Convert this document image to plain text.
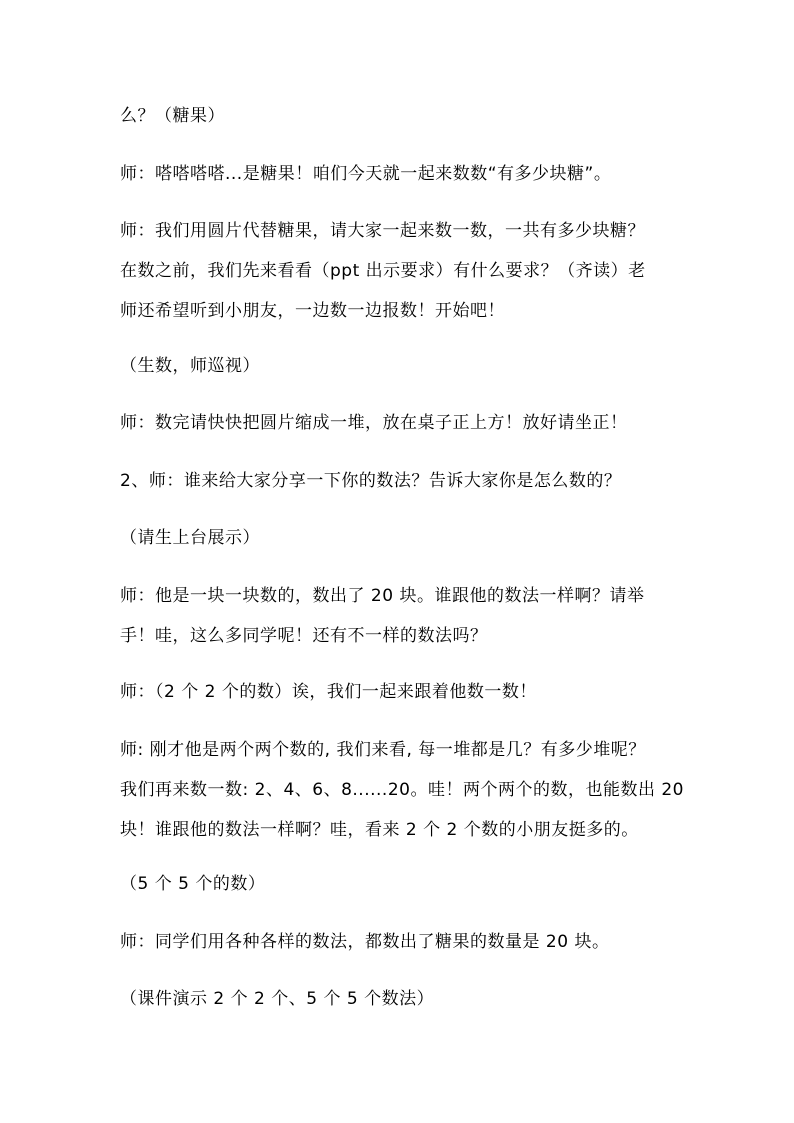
么？（糖果）
师：嗒嗒嗒嗒...是糖果！咱们今天就一起来数数“有多少块糖”。
师：我们用圆片代替糖果，请大家一起来数一数，一共有多少块糖？
在数之前，我们先来看看（ppt 出示要求）有什么要求？（齐读）老
师还希望听到小朋友，一边数一边报数！开始吧！
（生数，师巡视）
师：数完请快快把圆片缩成一堆，放在桌子正上方！放好请坐正！
2、师：谁来给大家分享一下你的数法？告诉大家你是怎么数的？
（请生上台展示）
师：他是一块一块数的，数出了 20 块。谁跟他的数法一样啊？请举
手！哇，这么多同学呢！还有不一样的数法吗？
师：（2 个 2 个的数）诶，我们一起来跟着他数一数！
师: 刚才他是两个两个数的, 我们来看, 每一堆都是几？有多少堆呢？
我们再来数一数: 2、4、6、8......20。哇！两个两个的数，也能数出 20
块！谁跟他的数法一样啊？哇，看来 2 个 2 个数的小朋友挺多的。
（5 个 5 个的数）
师：同学们用各种各样的数法，都数出了糖果的数量是 20 块。
（课件演示 2 个 2 个、5 个 5 个数法）
